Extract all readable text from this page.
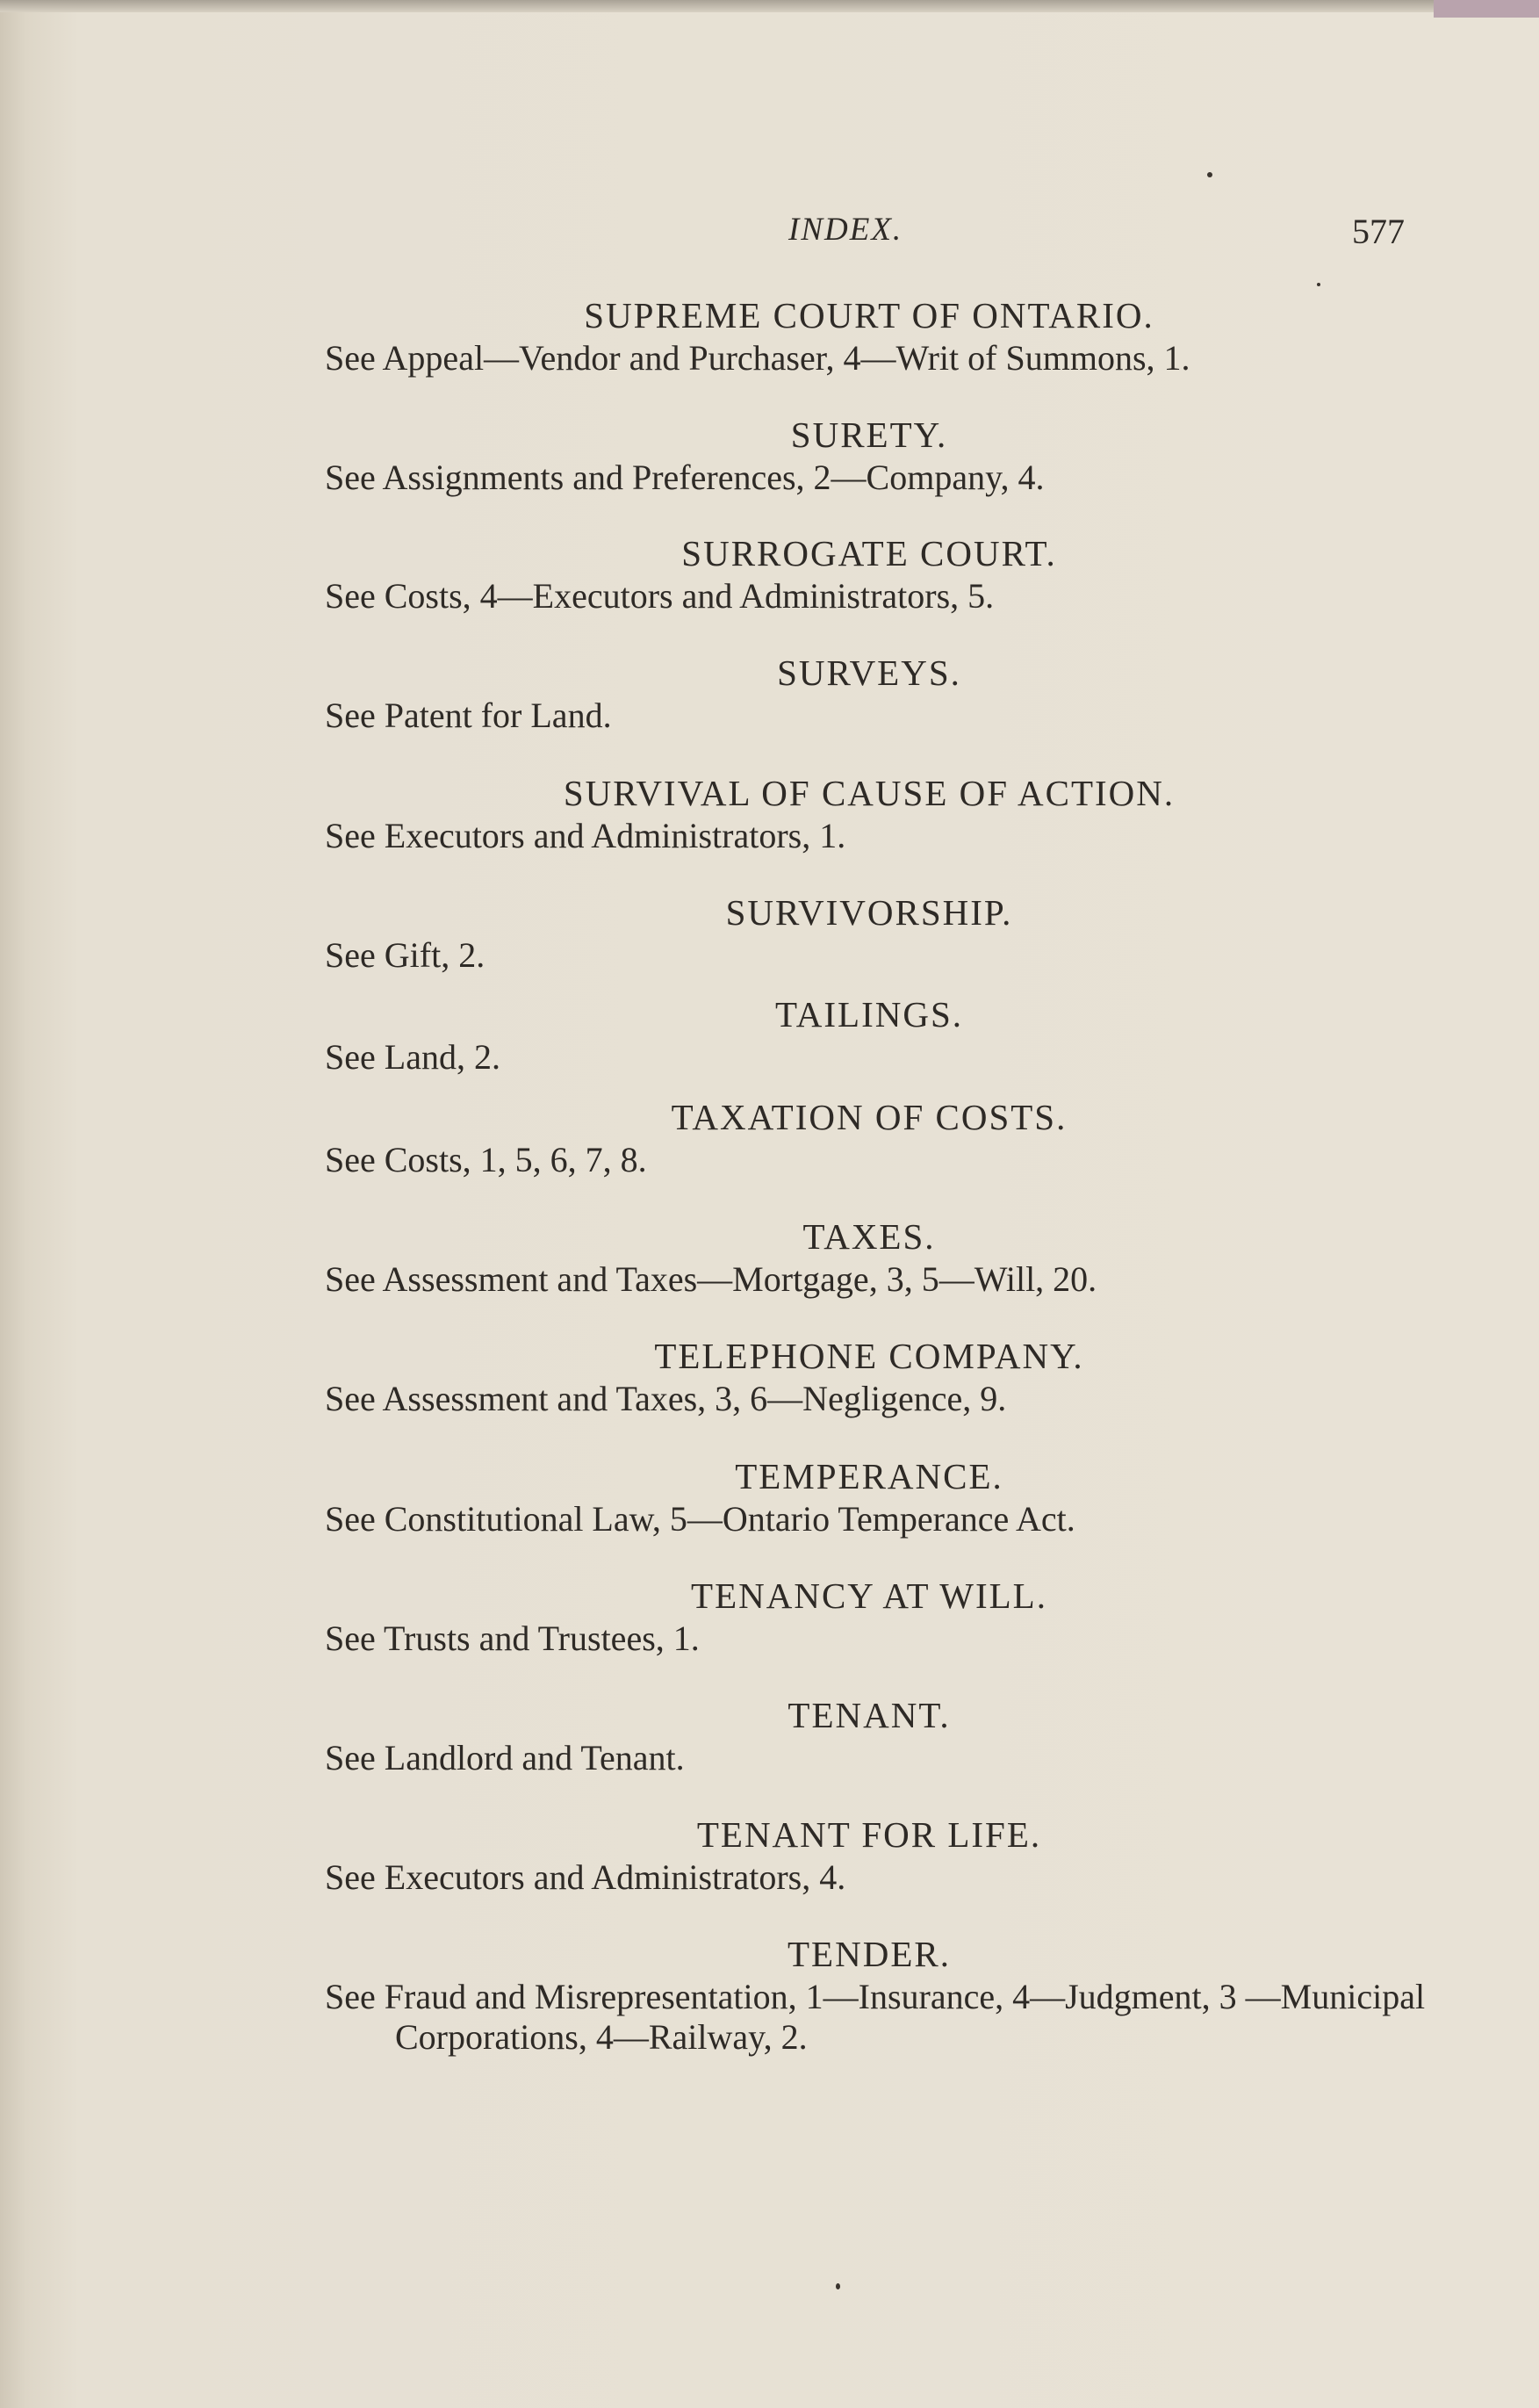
INDEX.	577
SUPREME COURT OF ONTARIO.
See Appeal—Vendor and Purchaser, 4—Writ of Summons, 1.
SURETY.
See Assignments and Preferences, 2—Company, 4.
SURROGATE COURT.
See Costs, 4—Executors and Administrators, 5.
SURVEYS.
See Patent for Land.
SURVIVAL OF CAUSE OF ACTION.
See Executors and Administrators, 1.
SURVIVORSHIP.
See Gift, 2.
TAILINGS.
See Land, 2.
TAXATION OF COSTS.
See Costs, 1, 5, 6, 7, 8.
TAXES.
See Assessment and Taxes—Mortgage, 3, 5—Will, 20.
TELEPHONE COMPANY.
See Assessment and Taxes, 3, 6—Negligence, 9.
TEMPERANCE.
See Constitutional Law, 5—Ontario Temperance Act.
TENANCY AT WILL.
See Trusts and Trustees, 1.
TENANT.
See Landlord and Tenant.
TENANT FOR LIFE.
See Executors and Administrators, 4.
TENDER.
See Fraud and Misrepresentation, 1—Insurance, 4—Judgment, 3 —Municipal Corporations, 4—Railway, 2.
